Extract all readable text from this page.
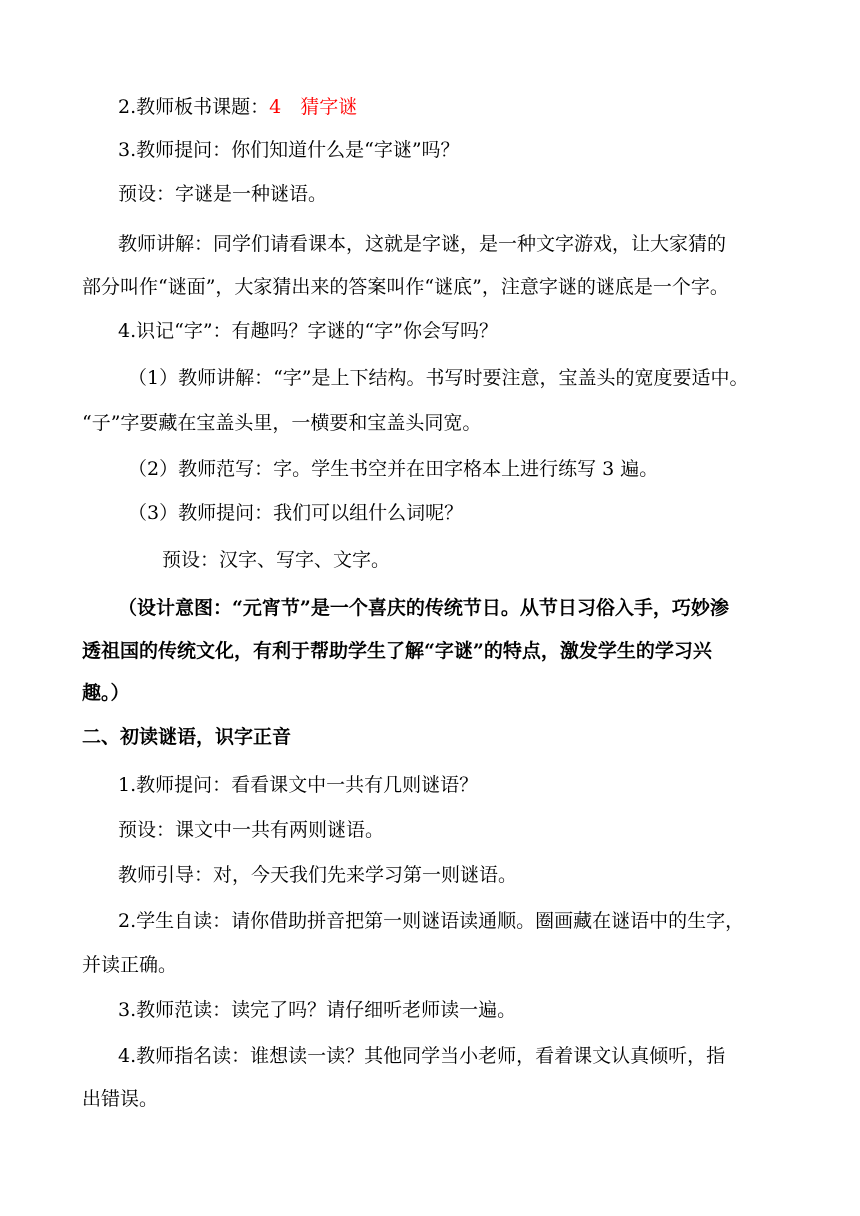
2.教师板书课题：4　猜字谜

3.教师提问：你们知道什么是“字谜”吗？

预设：字谜是一种谜语。

教师讲解：同学们请看课本，这就是字谜，是一种文字游戏，让大家猜的

部分叫作“谜面”，大家猜出来的答案叫作“谜底”，注意字谜的谜底是一个字。

4.识记“字”：有趣吗？字谜的“字”你会写吗？

（1）教师讲解：“字”是上下结构。书写时要注意，宝盖头的宽度要适中。

“子”字要藏在宝盖头里，一横要和宝盖头同宽。

（2）教师范写：字。学生书空并在田字格本上进行练写 3 遍。

（3）教师提问：我们可以组什么词呢？

预设：汉字、写字、文字。

（设计意图：“元宵节”是一个喜庆的传统节日。从节日习俗入手，巧妙渗

透祖国的传统文化，有利于帮助学生了解“字谜”的特点，激发学生的学习兴

趣。）

二、初读谜语，识字正音

1.教师提问：看看课文中一共有几则谜语？

预设：课文中一共有两则谜语。

教师引导：对，今天我们先来学习第一则谜语。

2.学生自读：请你借助拼音把第一则谜语读通顺。圈画藏在谜语中的生字，

并读正确。

3.教师范读：读完了吗？请仔细听老师读一遍。

4.教师指名读：谁想读一读？其他同学当小老师，看着课文认真倾听，指

出错误。
